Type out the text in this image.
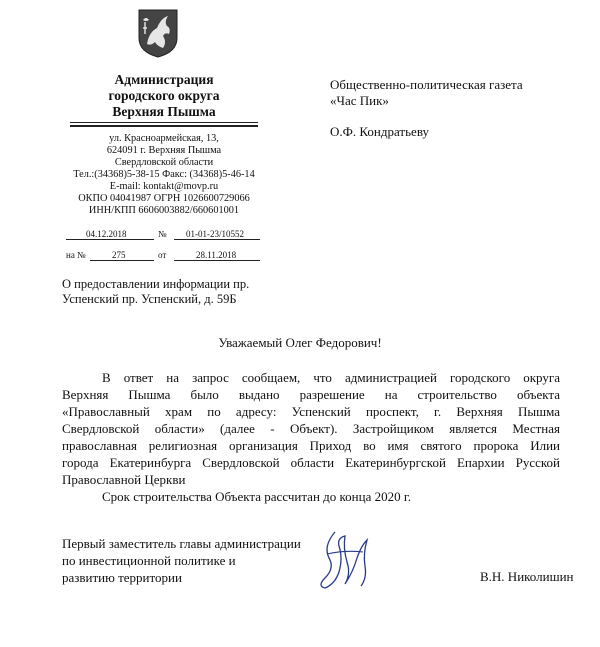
Администрация
городского округа
Верхняя Пышма
ул. Красноармейская, 13,
624091 г. Верхняя Пышма
Свердловской области
Тел.:(34368)5-38-15 Факс: (34368)5-46-14
E-mail: kontakt@movp.ru
ОКПО 04041987 ОГРН 1026600729066
ИНН/КПП 6606003882/660601001
04.12.2018	№ 01-01-23/10552
на №	275	от	28.11.2018
Общественно-политическая газета
«Час Пик»
О.Ф. Кондратьеву
О предоставлении информации пр.
Успенский пр. Успенский, д. 59Б
Уважаемый Олег Федорович!
В ответ на запрос сообщаем, что администрацией городского округа
Верхняя Пышма было выдано разрешение на строительство объекта
«Православный храм по адресу: Успенский проспект, г. Верхняя Пышма
Свердловской области» (далее - Объект). Застройщиком является Местная
православная религиозная организация Приход во имя святого пророка Илии
города Екатеринбурга Свердловской области Екатеринбургской Епархии Русской
Православной Церкви
Срок строительства Объекта рассчитан до конца 2020 г.
Первый заместитель главы администрации
по инвестиционной политике и
развитию территории	В.Н. Николишин
